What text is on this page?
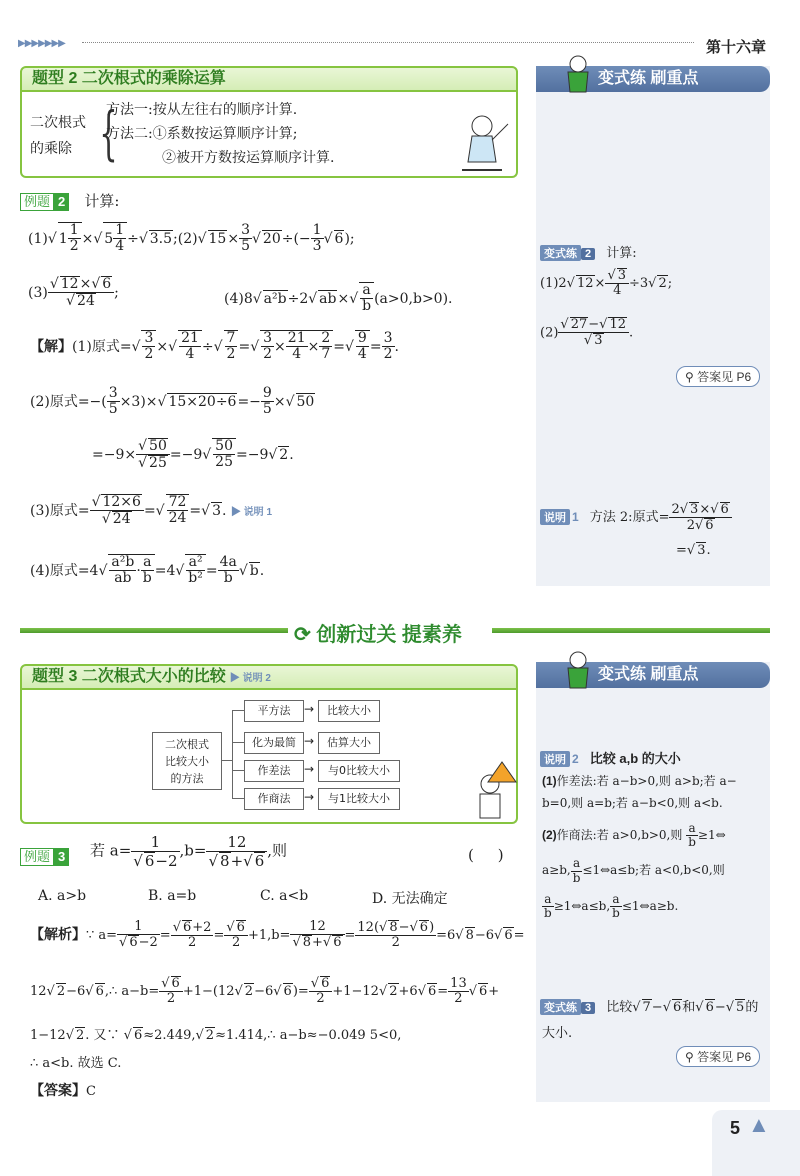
▶▶▶▶▶▶▶	第十六章
题型 2 二次根式的乘除运算
二次根式
的乘除 {
方法一:按从左往右的顺序计算.
方法二:①系数按运算顺序计算;
②被开方数按运算顺序计算.
例题 2 计算:
(1)√ $1 \frac{1}{2}$ ×√ $5 \frac{1}{4}$ ÷√ 3.5;(2)√ $15\times \frac{3}{5}$ √ $20\div(- \frac{1}{3}$ √ 6);
$(3) \frac{√ 12\times√ 6}{√ 24}$ ;	(4)8√ a²b÷2√ $ab\times√ \frac{a}{b} (a>0,b>0)$.
【解】(1)原式=√ $\frac{3}{2}$ ×√ $\frac{21}{4}$ ÷√ $\frac{7}{2}$ =√ $\frac{3}{2} \times \frac{21}{4} \times \frac{2}{7}$ =√ $\frac{9}{4} = \frac{3}{2}$ .
(2)原式=−( $\frac{3}{5} \times 3)\times√$ $15\times 20\div 6=- \frac{9}{5}$ ×√ 50
$=-9\times \frac{√ 50}{√ 25} =-9√ \frac{50}{25} =-9√$ 2.
(3)原式= $\frac{√ 12\times 6}{√ 24}$ =√ $\frac{72}{24}$ =√ 3. ▶ 说明 1
(4)原式$=4√ \frac{\text{a²b}}{ab} \cdot \frac{a}{b} =4√ \frac{\text{a²}}{\text{b²}} = \frac{4a}{b}$ √ b.
变式练 刷重点
变式练 2 计算:
(1)2√ $12\times \frac{√ 3}{4} \div 3√$ 2;
$(2) \frac{√ 27-√ 12}{√ 3}$ .
⚲ 答案见 P6
说明 1 方法 2:原式= $\frac{2√ 3\times√ 6}{2√ 6}$
=√ 3.
⟳ 创新过关 提素养
题型 3 二次根式大小的比较 ▶ 说明 2
二次根式
比较大小
的方法
平方法
化为最简
作差法
作商法
→
→
→
→
比较大小
估算大小
与0比较大小
与1比较大小
例题 3 若 $a= \frac{1}{√ 6-2} ,b= \frac{12}{√ 8+√ 6}$ ,则	(     )
A. a>b	B. a=b	C. a<b	D. 无法确定
【解析】∵ $a= \frac{1}{√ 6-2} = \frac{√ 6+2}{2} = \frac{√ 6}{2} +1,b= \frac{12}{√ 8+√ 6} = \frac{12(√ 8-√ 6)}{2} =6√$ 8−6√ 6=
12√ 2−6√ 6,∴ $a-b= \frac{√ 6}{2} +1-(12√$ 2−6√ $6)= \frac{√ 6}{2} +1-12√$ 2+6√ $6= \frac{13}{2}$ √ 6+
1−12√ 2. 又∵ √ 6≈2.449,√ 2≈1.414,∴ a−b≈−0.049 5<0,
∴ a<b. 故选 C.
【答案】C
变式练 刷重点
说明 2 比较 a,b 的大小
(1)作差法:若 a−b>0,则 a>b;若 a−
b=0,则 a=b;若 a−b<0,则 a<b.
(2)作商法:若 a>0,b>0,则 $\frac{a}{b}$ ≥1⇔
a≥b, $\frac{a}{b}$ ≤1⇔a≤b;若 a<0,b<0,则
$\frac{a}{b}$ ≥1⇔a≤b, $\frac{a}{b}$ ≤1⇔a≥b.
变式练 3 比较√ 7−√ 6和√ 6−√ 5的
大小.
⚲ 答案见 P6
5 ▲
